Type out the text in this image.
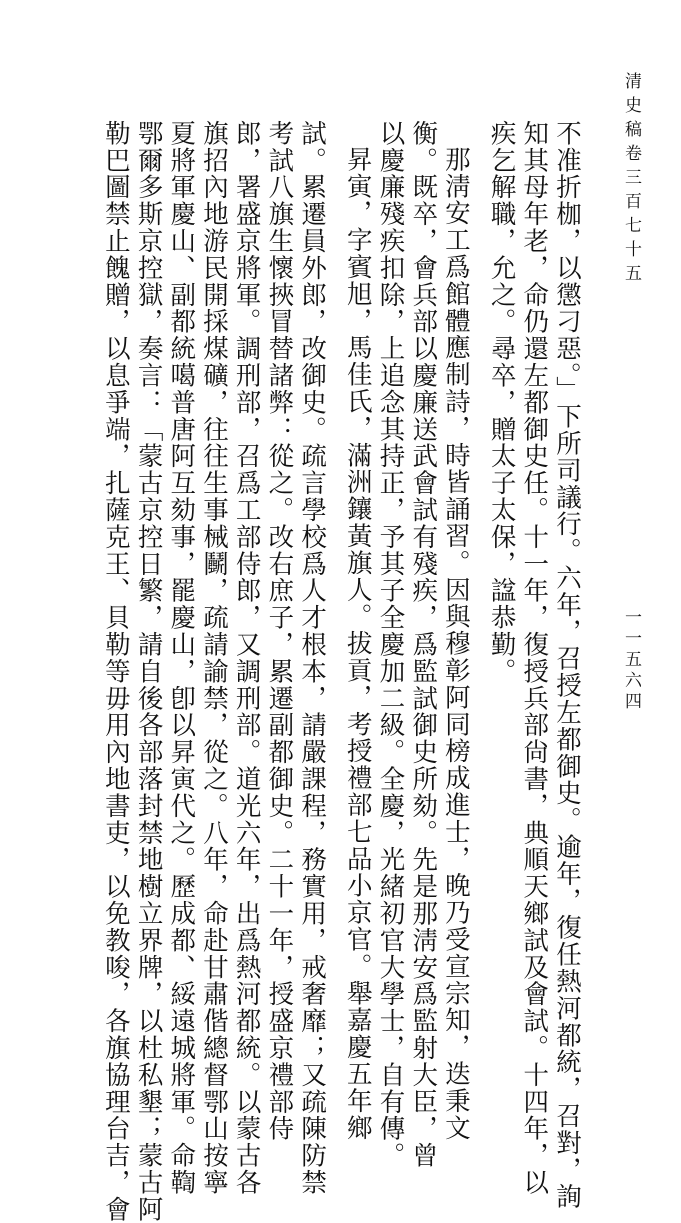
清史稿卷三百七十五
一一五六四
不准折枷，以懲刁惡。」下所司議行。六年，召授左都御史。逾年，復任熱河都統，召對，詢
知其母年老，命仍還左都御史任。十一年，復授兵部尙書，典順天鄉試及會試。十四年，以
疾乞解職，允之。尋卒，贈太子太保，諡恭勤。
那淸安工爲館體應制詩，時皆誦習。因與穆彰阿同榜成進士，晚乃受宣宗知，迭秉文
衡。既卒，會兵部以慶廉送武會試有殘疾，爲監試御史所劾。先是那淸安爲監射大臣，曾
以慶廉殘疾扣除，上追念其持正，予其子全慶加二級。全慶，光緒初官大學士，自有傳。
昇寅，字賓旭，馬佳氏，滿洲鑲黃旗人。拔貢，考授禮部七品小京官。舉嘉慶五年鄉
試。累遷員外郎，改御史。疏言學校爲人才根本，請嚴課程，務實用，戒奢靡；又疏陳防禁
考試八旗生懷挾冒替諸弊：從之。改右庶子，累遷副都御史。二十一年，授盛京禮部侍
郎，署盛京將軍。調刑部，召爲工部侍郎，又調刑部。道光六年，出爲熱河都統。以蒙古各
旗招內地游民開採煤礦，往往生事械鬭，疏請諭禁，從之。八年，命赴甘肅偕總督鄂山按寧
夏將軍慶山、副都統噶普唐阿互劾事，罷慶山，卽以昇寅代之。歷成都、綏遠城將軍。命鞫
鄂爾多斯京控獄，奏言：「蒙古京控日繁，請自後各部落封禁地樹立界牌，以杜私墾；蒙古阿
勒巴圖禁止餽贈，以息爭端，扎薩克王、貝勒等毋用內地書吏，以免教唆，各旗協理台吉，會
